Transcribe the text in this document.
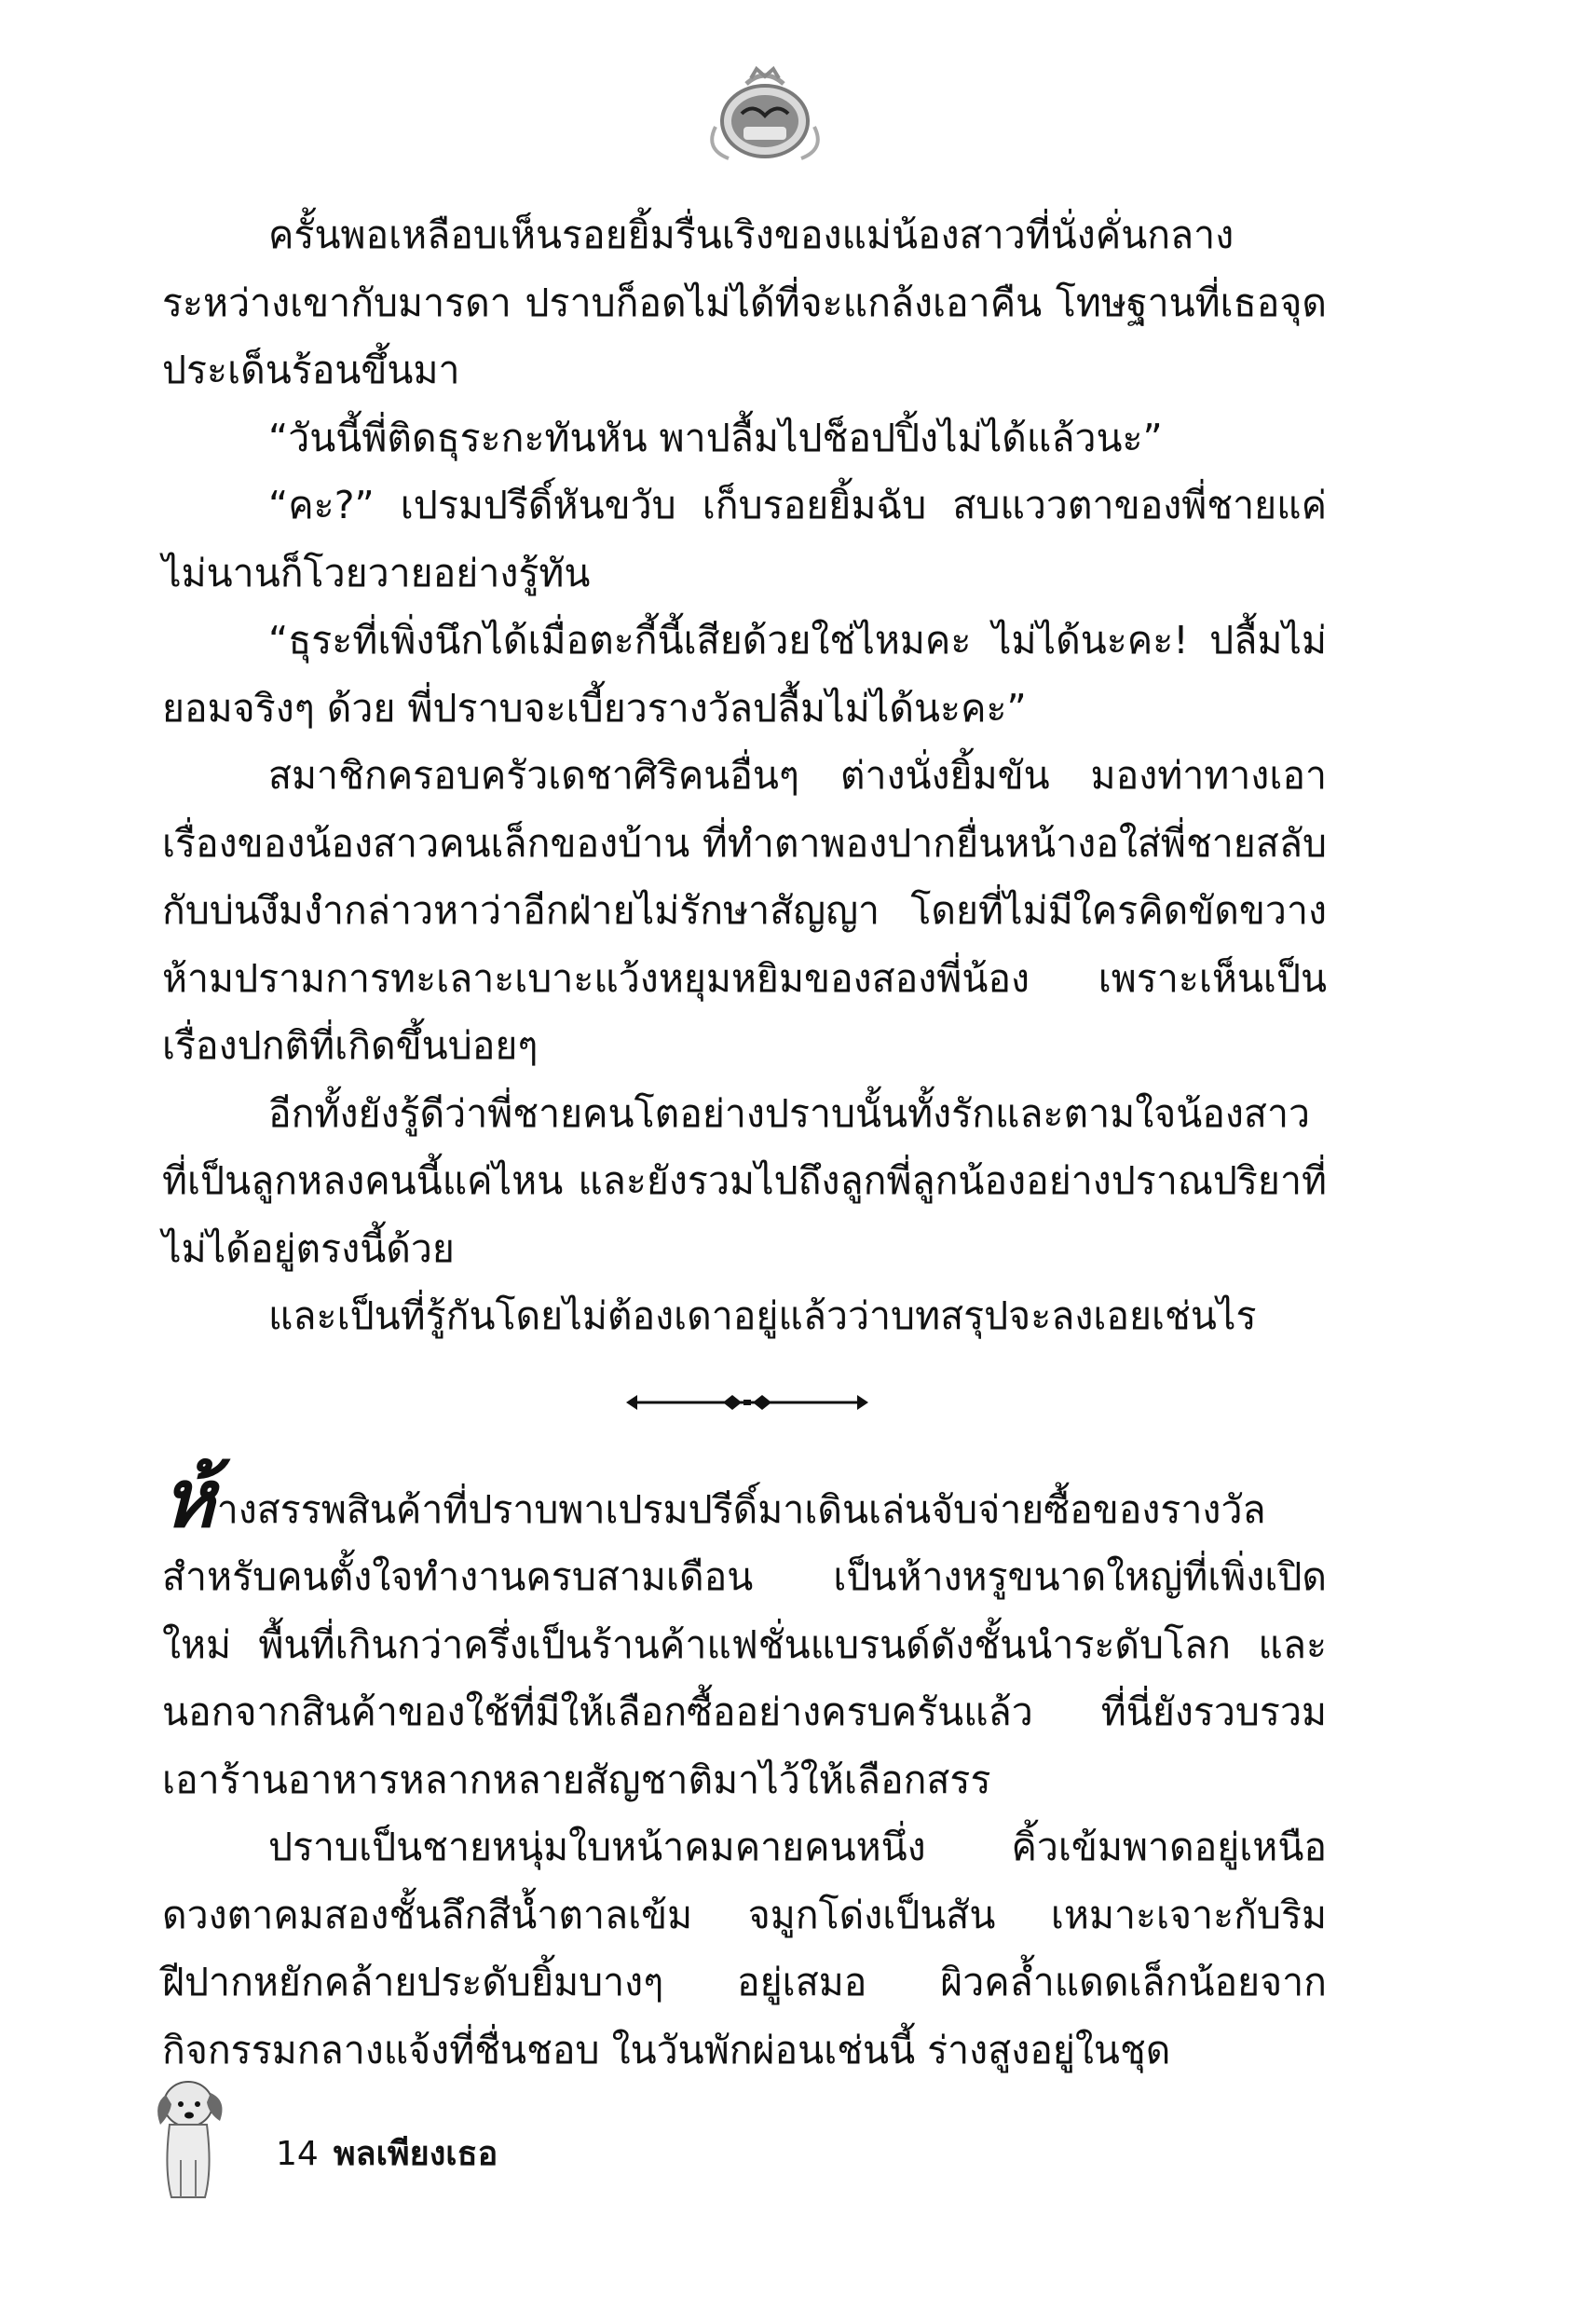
ครั้นพอเหลือบเห็นรอยยิ้มรื่นเริงของแม่น้องสาวที่นั่งคั่นกลางระหว่างเขากับมารดา ปราบก็อดไม่ได้ที่จะแกล้งเอาคืน โทษฐานที่เธอจุดประเด็นร้อนขึ้นมา

“วันนี้พี่ติดธุระกะทันหัน พาปลื้มไปช็อปปิ้งไม่ได้แล้วนะ”

“คะ?” เปรมปรีดิ์หันขวับ เก็บรอยยิ้มฉับ สบแววตาของพี่ชายแค่ไม่นานก็โวยวายอย่างรู้ทัน

“ธุระที่เพิ่งนึกได้เมื่อตะกี้นี้เสียด้วยใช่ไหมคะ ไม่ได้นะคะ! ปลื้มไม่ยอมจริงๆ ด้วย พี่ปราบจะเบี้ยวรางวัลปลื้มไม่ได้นะคะ”

สมาชิกครอบครัวเดชาศิริคนอื่นๆ ต่างนั่งยิ้มขัน มองท่าทางเอาเรื่องของน้องสาวคนเล็กของบ้าน ที่ทำตาพองปากยื่นหน้างอใส่พี่ชายสลับกับบ่นงึมงำกล่าวหาว่าอีกฝ่ายไม่รักษาสัญญา โดยที่ไม่มีใครคิดขัดขวางห้ามปรามการทะเลาะเบาะแว้งหยุมหยิมของสองพี่น้อง เพราะเห็นเป็นเรื่องปกติที่เกิดขึ้นบ่อยๆ

อีกทั้งยังรู้ดีว่าพี่ชายคนโตอย่างปราบนั้นทั้งรักและตามใจน้องสาวที่เป็นลูกหลงคนนี้แค่ไหน และยังรวมไปถึงลูกพี่ลูกน้องอย่างปราณปริยาที่ไม่ได้อยู่ตรงนี้ด้วย

และเป็นที่รู้กันโดยไม่ต้องเดาอยู่แล้วว่าบทสรุปจะลงเอยเช่นไร

ห้างสรรพสินค้าที่ปราบพาเปรมปรีดิ์มาเดินเล่นจับจ่ายซื้อของรางวัลสำหรับคนตั้งใจทำงานครบสามเดือน เป็นห้างหรูขนาดใหญ่ที่เพิ่งเปิดใหม่ พื้นที่เกินกว่าครึ่งเป็นร้านค้าแฟชั่นแบรนด์ดังชั้นนำระดับโลก และนอกจากสินค้าของใช้ที่มีให้เลือกซื้ออย่างครบครันแล้ว ที่นี่ยังรวบรวมเอาร้านอาหารหลากหลายสัญชาติมาไว้ให้เลือกสรร

ปราบเป็นชายหนุ่มใบหน้าคมคายคนหนึ่ง คิ้วเข้มพาดอยู่เหนือดวงตาคมสองชั้นลึกสีน้ำตาลเข้ม จมูกโด่งเป็นสัน เหมาะเจาะกับริมฝีปากหยักคล้ายประดับยิ้มบางๆ อยู่เสมอ ผิวคล้ำแดดเล็กน้อยจากกิจกรรมกลางแจ้งที่ชื่นชอบ ในวันพักผ่อนเช่นนี้ ร่างสูงอยู่ในชุด

14 พลเพียงเธอ
